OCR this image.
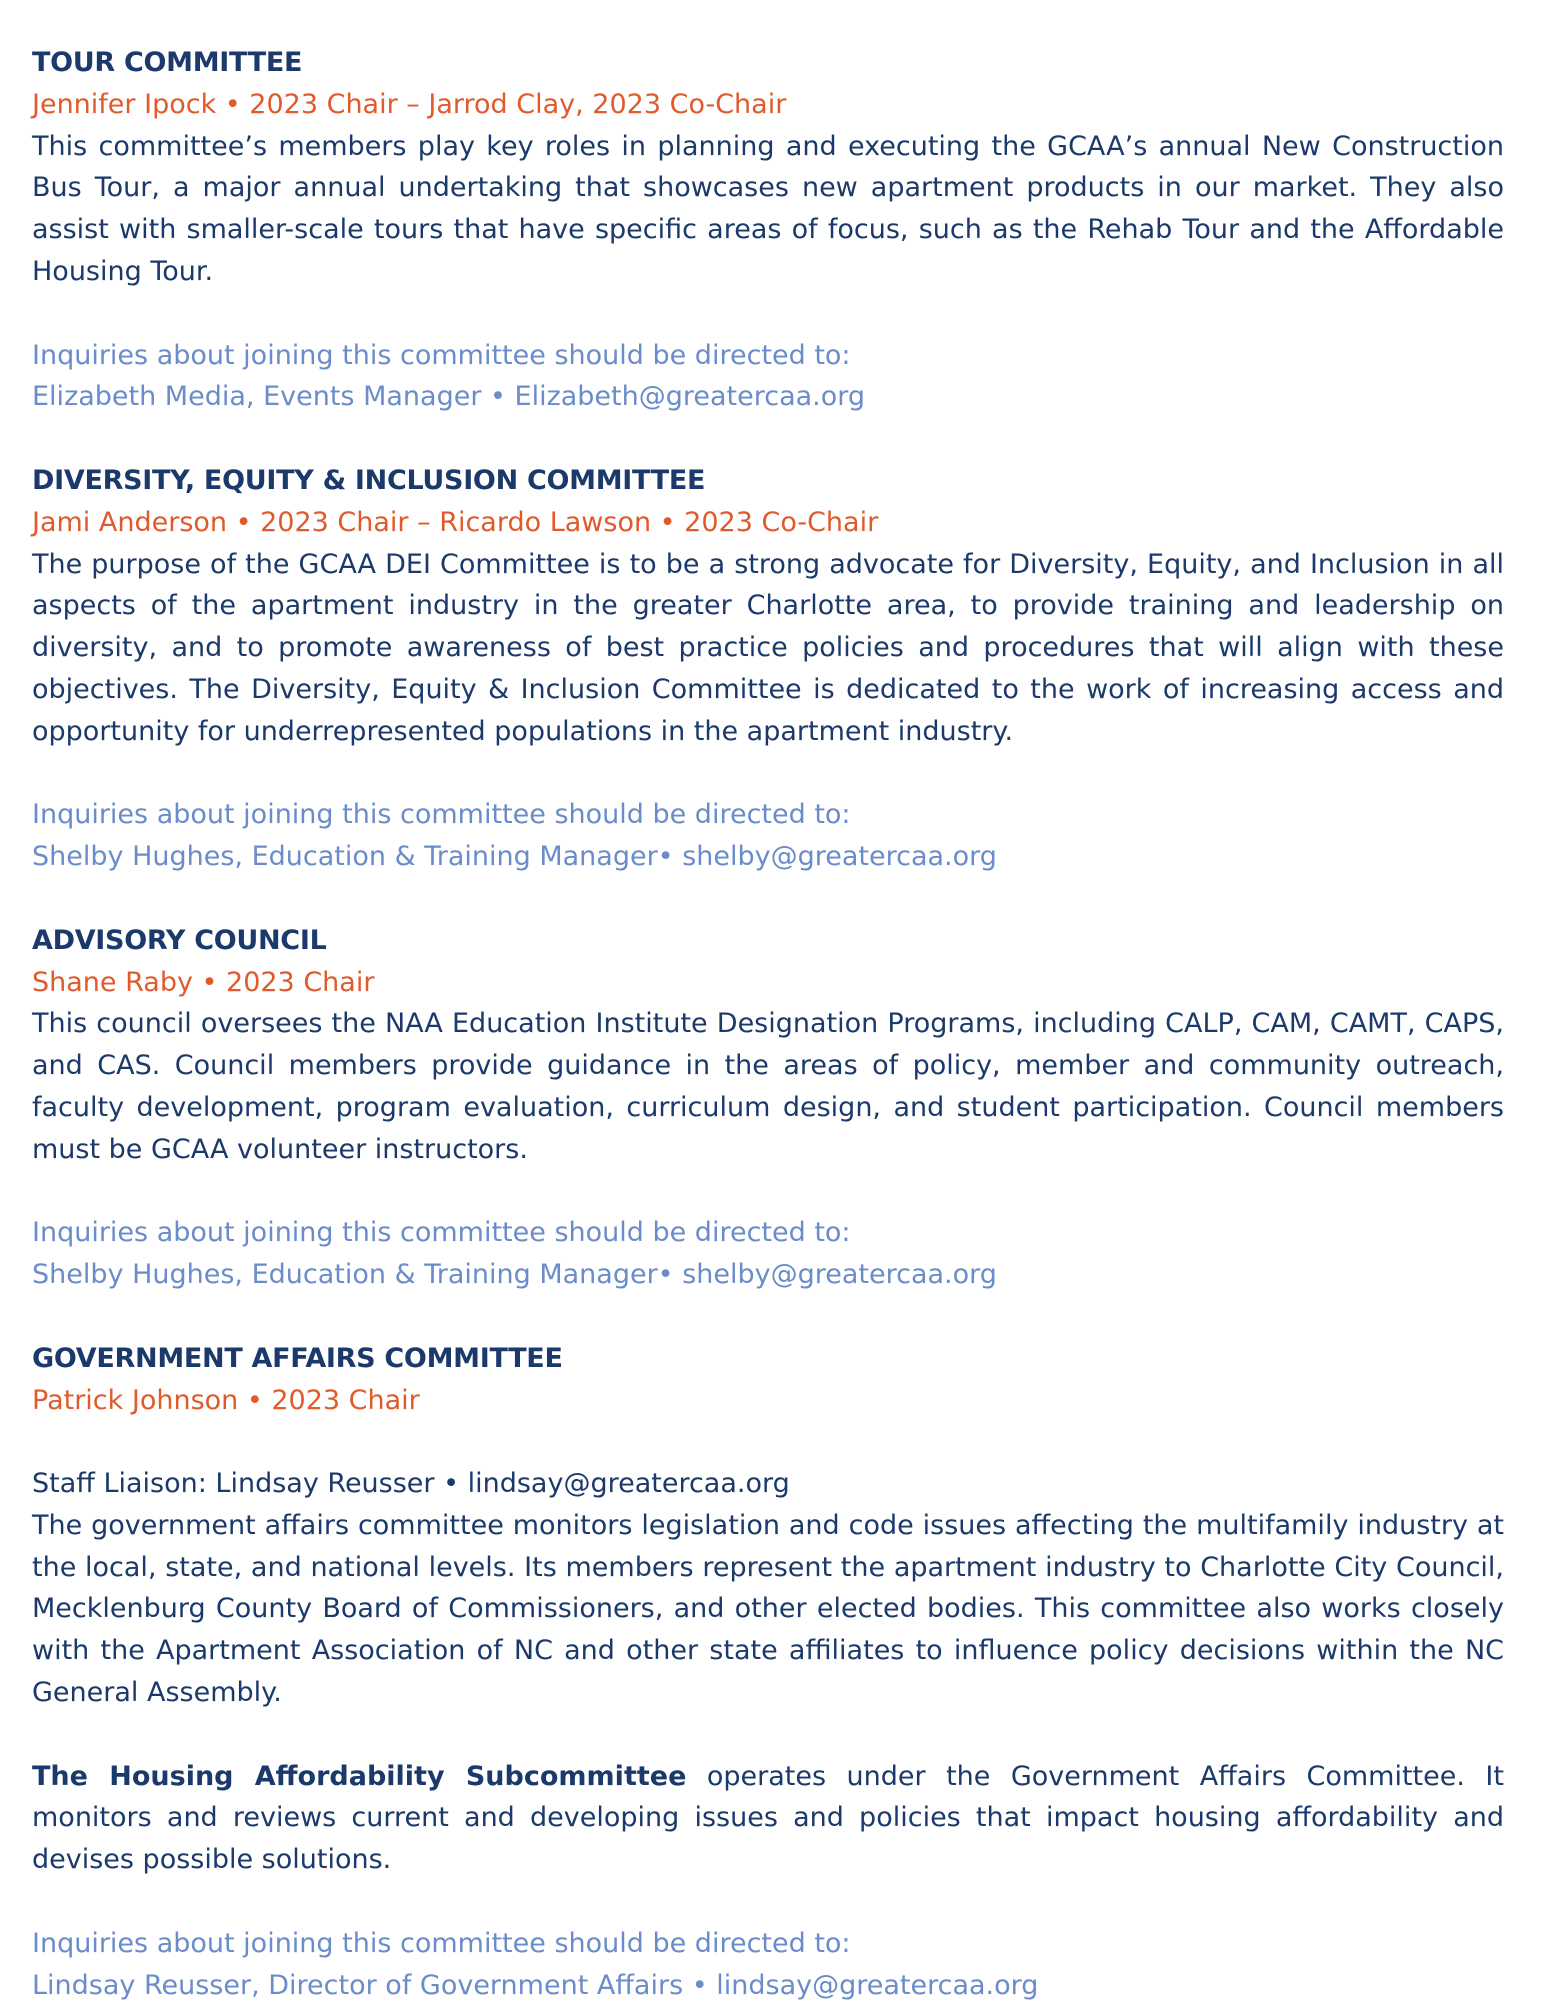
TOUR COMMITTEE

Jennifer Ipock • 2023 Chair – Jarrod Clay, 2023 Co-Chair

This committee’s members play key roles in planning and executing the GCAA’s annual New Construction Bus Tour, a major annual undertaking that showcases new apartment products in our market. They also assist with smaller-scale tours that have specific areas of focus, such as the Rehab Tour and the Affordable Housing Tour.

Inquiries about joining this committee should be directed to:

Elizabeth Media, Events Manager • Elizabeth@greatercaa.org

DIVERSITY, EQUITY & INCLUSION COMMITTEE

Jami Anderson • 2023 Chair – Ricardo Lawson • 2023 Co-Chair

The purpose of the GCAA DEI Committee is to be a strong advocate for Diversity, Equity, and Inclusion in all aspects of the apartment industry in the greater Charlotte area, to provide training and leadership on diversity, and to promote awareness of best practice policies and procedures that will align with these objectives. The Diversity, Equity & Inclusion Committee is dedicated to the work of increasing access and opportunity for underrepresented populations in the apartment industry.

Inquiries about joining this committee should be directed to:

Shelby Hughes, Education & Training Manager• shelby@greatercaa.org

ADVISORY COUNCIL

Shane Raby • 2023 Chair

This council oversees the NAA Education Institute Designation Programs, including CALP, CAM, CAMT, CAPS, and CAS. Council members provide guidance in the areas of policy, member and community outreach, faculty development, program evaluation, curriculum design, and student participation. Council members must be GCAA volunteer instructors.

Inquiries about joining this committee should be directed to:

Shelby Hughes, Education & Training Manager• shelby@greatercaa.org

GOVERNMENT AFFAIRS COMMITTEE

Patrick Johnson • 2023 Chair

Staff Liaison: Lindsay Reusser • lindsay@greatercaa.org

The government affairs committee monitors legislation and code issues affecting the multifamily industry at the local, state, and national levels. Its members represent the apartment industry to Charlotte City Council, Mecklenburg County Board of Commissioners, and other elected bodies. This committee also works closely with the Apartment Association of NC and other state affiliates to influence policy decisions within the NC General Assembly.

The Housing Affordability Subcommittee operates under the Government Affairs Committee. It monitors and reviews current and developing issues and policies that impact housing affordability and devises possible solutions.

Inquiries about joining this committee should be directed to:

Lindsay Reusser, Director of Government Affairs • lindsay@greatercaa.org
